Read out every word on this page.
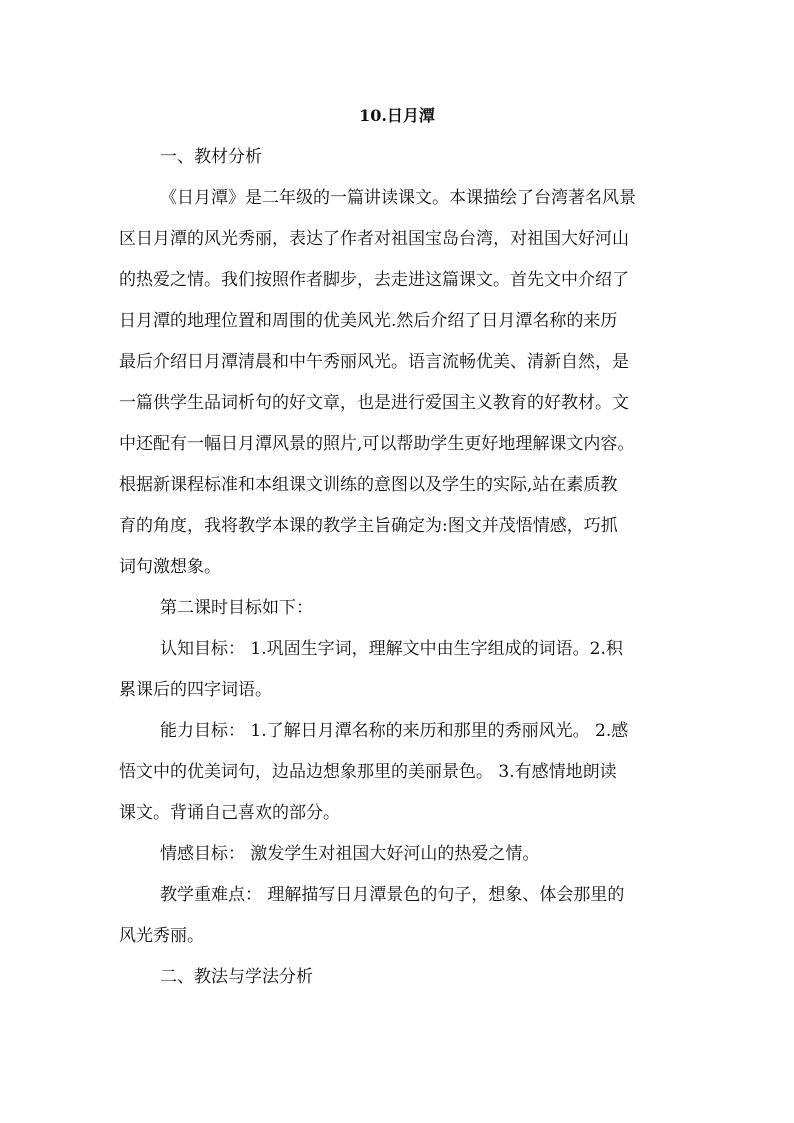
10.日月潭
一、教材分析
《日月潭》是二年级的一篇讲读课文。本课描绘了台湾著名风景
区日月潭的风光秀丽，表达了作者对祖国宝岛台湾，对祖国大好河山
的热爱之情。我们按照作者脚步，去走进这篇课文。首先文中介绍了
日月潭的地理位置和周围的优美风光.然后介绍了日月潭名称的来历
最后介绍日月潭清晨和中午秀丽风光。语言流畅优美、清新自然，是
一篇供学生品词析句的好文章，也是进行爱国主义教育的好教材。文
中还配有一幅日月潭风景的照片,可以帮助学生更好地理解课文内容。
根据新课程标准和本组课文训练的意图以及学生的实际,站在素质教
育的角度，我将教学本课的教学主旨确定为:图文并茂悟情感，巧抓
词句激想象。
第二课时目标如下：
认知目标： 1.巩固生字词，理解文中由生字组成的词语。2.积
累课后的四字词语。
能力目标： 1.了解日月潭名称的来历和那里的秀丽风光。 2.感
悟文中的优美词句，边品边想象那里的美丽景色。 3.有感情地朗读
课文。背诵自己喜欢的部分。
情感目标： 激发学生对祖国大好河山的热爱之情。
教学重难点： 理解描写日月潭景色的句子，想象、体会那里的
风光秀丽。
二、教法与学法分析
